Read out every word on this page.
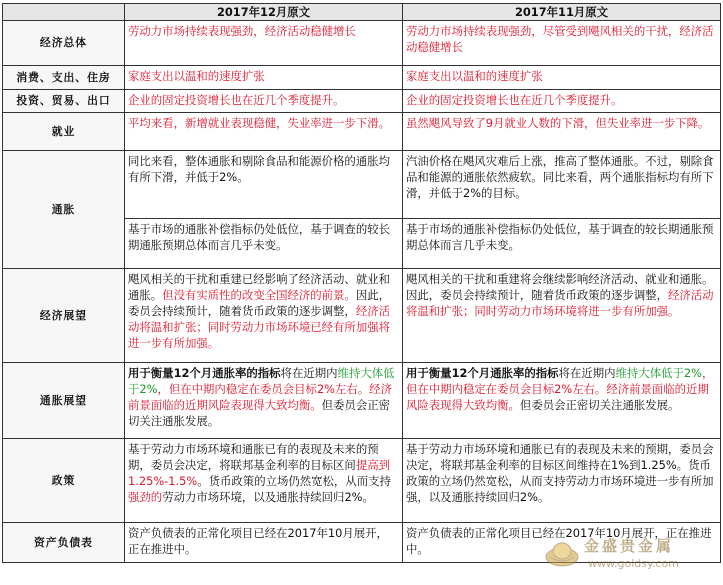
	2017年12月原文	2017年11月原文
经济总体	劳动力市场持续表现强劲，经济活动稳健增长	劳动力市场持续表现强劲，尽管受到飓风相关的干扰，经济活动稳健增长
消费、支出、住房	家庭支出以温和的速度扩张	家庭支出以温和的速度扩张
投资、贸易、出口	企业的固定投资增长也在近几个季度提升。	企业的固定投资增长也在近几个季度提升。
就业	平均来看，新增就业表现稳健，失业率进一步下滑。	虽然飓风导致了9月就业人数的下滑，但失业率进一步下降。
通胀	同比来看，整体通胀和剔除食品和能源价格的通胀均有所下滑，并低于2%。	汽油价格在飓风灾难后上涨，推高了整体通胀。不过，剔除食品和能源的通胀依然疲软。同比来看，两个通胀指标均有所下滑，并低于2%的目标。
	基于市场的通胀补偿指标仍处低位，基于调查的较长期通胀预期总体而言几乎未变。	基于市场的通胀补偿指标仍处低位，基于调查的较长期通胀预期总体而言几乎未变。
经济展望	飓风相关的干扰和重建已经影响了经济活动、就业和通胀。但没有实质性的改变全国经济的前景。因此，委员会持续预计，随着货币政策的逐步调整，经济活动将温和扩张；同时劳动力市场环境已经有所加强将进一步有所加强。	飓风相关的干扰和重建将会继续影响经济活动、就业和通胀。因此，委员会持续预计，随着货币政策的逐步调整，经济活动将温和扩张；同时劳动力市场环境将进一步有所加强。
通胀展望	用于衡量12个月通胀率的指标将在近期内维持大体低于2%，但在中期内稳定在委员会目标2%左右。经济前景面临的近期风险表现得大致均衡。但委员会正密切关注通胀发展。	用于衡量12个月通胀率的指标将在近期内维持大体低于2%，但在中期内稳定在委员会目标2%左右。经济前景面临的近期风险表现得大致均衡。但委员会正密切关注通胀发展。
政策	基于劳动力市场环境和通胀已有的表现及未来的预期，委员会决定，将联邦基金利率的目标区间提高到1.25%-1.5%。货币政策的立场仍然宽松，从而支持强劲的劳动力市场环境，以及通胀持续回归2%。	基于劳动力市场环境和通胀已有的表现及未来的预期，委员会决定，将联邦基金利率的目标区间维持在1%到1.25%。货币政策的立场仍然宽松，从而支持劳动力市场环境进一步有所加强，以及通胀持续回归2%。
资产负债表	资产负债表的正常化项目已经在2017年10月展开，正在推进中。	资产负债表的正常化项目已经在2017年10月展开，正在推进中。	金盛贵金属
www.goldsy.com
